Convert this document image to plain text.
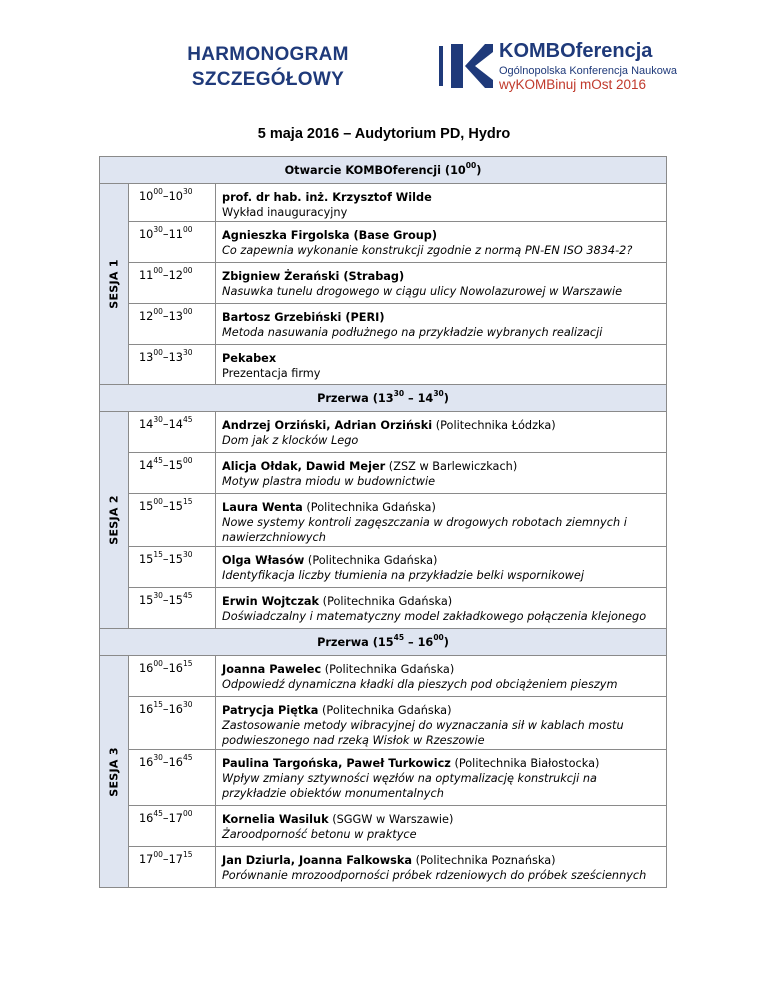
HARMONOGRAM
SZCZEGÓŁOWY
KOMBOferencja
Ogólnopolska Konferencja Naukowa
wyKOMBinuj mOst 2016
5 maja 2016 – Audytorium PD, Hydro
Otwarcie KOMBOferencji $(10^{00})$		

SESJA 1	$10^{00}-10^{30}$	prof. dr hab. inż. Krzysztof Wilde
Wykład inauguracyjny

	$10^{30}-11^{00}$	Agnieszka Firgolska (Base Group)
Co zapewnia wykonanie konstrukcji zgodnie z normą PN-EN ISO 3834-2?

	$11^{00}-12^{00}$	Zbigniew Żerański (Strabag)
Nasuwka tunelu drogowego w ciągu ulicy Nowolazurowej w Warszawie

	$12^{00}-13^{00}$	Bartosz Grzebiński (PERI)
Metoda nasuwania podłużnego na przykładzie wybranych realizacji

	$13^{00}-13^{30}$	Pekabex
Prezentacja firmy

Przerwa $(13^{30} - 14^{30})$		

SESJA 2	$14^{30}-14^{45}$	Andrzej Orziński, Adrian Orziński (Politechnika Łódzka)
Dom jak z klocków Lego

	$14^{45}-15^{00}$	Alicja Ołdak, Dawid Mejer (ZSZ w Barlewiczkach)
Motyw plastra miodu w budownictwie

	$15^{00}-15^{15}$	Laura Wenta (Politechnika Gdańska)
Nowe systemy kontroli zagęszczania w drogowych robotach ziemnych i nawierzchniowych

	$15^{15}-15^{30}$	Olga Własów (Politechnika Gdańska)
Identyfikacja liczby tłumienia na przykładzie belki wspornikowej

	$15^{30}-15^{45}$	Erwin Wojtczak (Politechnika Gdańska)
Doświadczalny i matematyczny model zakładkowego połączenia klejonego

Przerwa $(15^{45} - 16^{00})$		

SESJA 3	$16^{00}-16^{15}$	Joanna Pawelec (Politechnika Gdańska)
Odpowiedź dynamiczna kładki dla pieszych pod obciążeniem pieszym

	$16^{15}-16^{30}$	Patrycja Piętka (Politechnika Gdańska)
Zastosowanie metody wibracyjnej do wyznaczania sił w kablach mostu podwieszonego nad rzeką Wisłok w Rzeszowie

	$16^{30}-16^{45}$	Paulina Targońska, Paweł Turkowicz (Politechnika Białostocka)
Wpływ zmiany sztywności węzłów na optymalizację konstrukcji na przykładzie obiektów monumentalnych

	$16^{45}-17^{00}$	Kornelia Wasiluk (SGGW w Warszawie)
Żaroodporność betonu w praktyce

	$17^{00}-17^{15}$	Jan Dziurla, Joanna Falkowska (Politechnika Poznańska)
Porównanie mrozoodporności próbek rdzeniowych do próbek sześciennych
